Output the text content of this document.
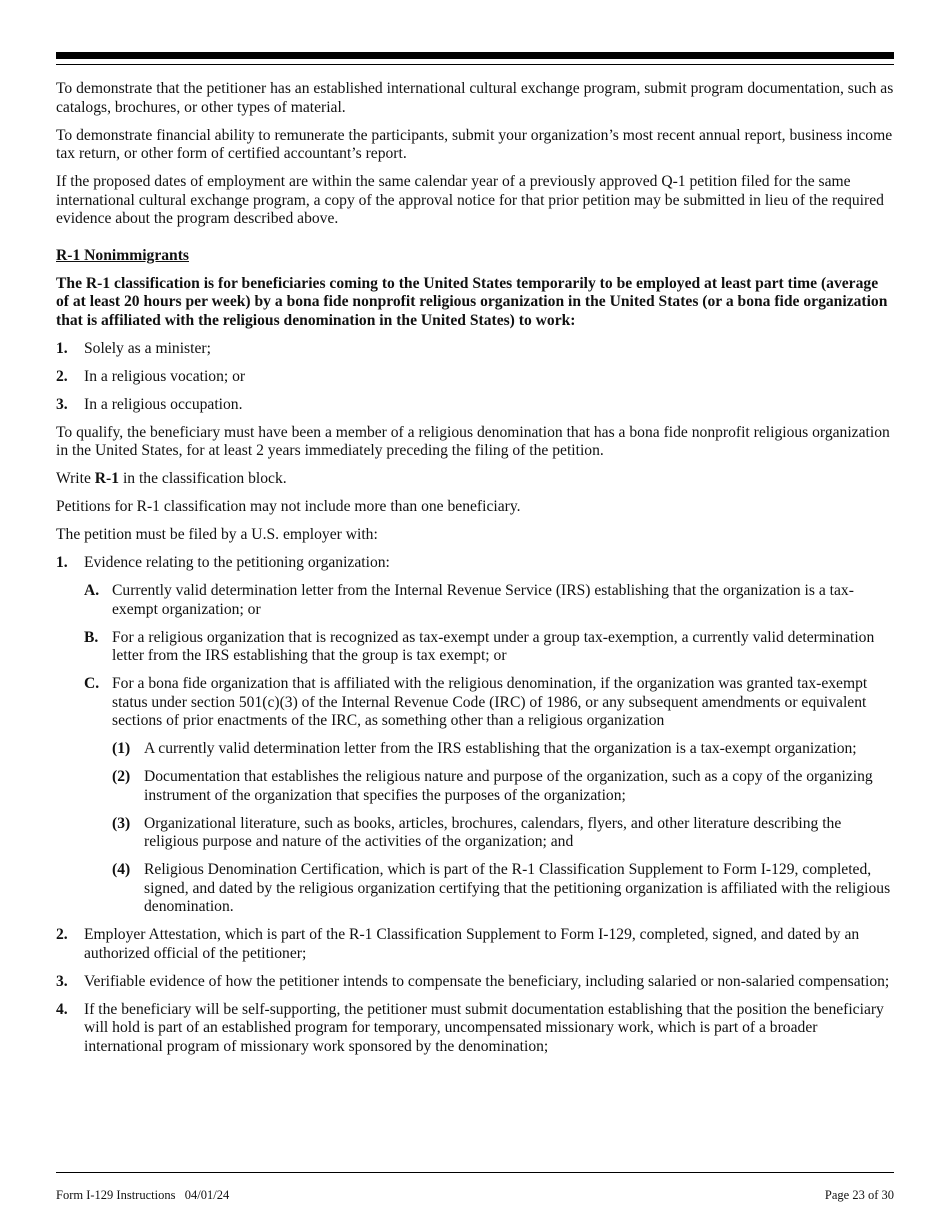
To demonstrate that the petitioner has an established international cultural exchange program, submit program documentation, such as catalogs, brochures, or other types of material.

To demonstrate financial ability to remunerate the participants, submit your organization’s most recent annual report, business income tax return, or other form of certified accountant’s report.

If the proposed dates of employment are within the same calendar year of a previously approved Q-1 petition filed for the same international cultural exchange program, a copy of the approval notice for that prior petition may be submitted in lieu of the required evidence about the program described above.

R-1 Nonimmigrants

The R-1 classification is for beneficiaries coming to the United States temporarily to be employed at least part time (average of at least 20 hours per week) by a bona fide nonprofit religious organization in the United States (or a bona fide organization that is affiliated with the religious denomination in the United States) to work:

1.	Solely as a minister;
2.	In a religious vocation; or
3.	In a religious occupation.

To qualify, the beneficiary must have been a member of a religious denomination that has a bona fide nonprofit religious organization in the United States, for at least 2 years immediately preceding the filing of the petition.

Write R-1 in the classification block.

Petitions for R-1 classification may not include more than one beneficiary.

The petition must be filed by a U.S. employer with:

1.	Evidence relating to the petitioning organization:
A. Currently valid determination letter from the Internal Revenue Service (IRS) establishing that the organization is a tax-exempt organization; or
B. For a religious organization that is recognized as tax-exempt under a group tax-exemption, a currently valid determination letter from the IRS establishing that the group is tax exempt; or
C. For a bona fide organization that is affiliated with the religious denomination, if the organization was granted tax-exempt status under section 501(c)(3) of the Internal Revenue Code (IRC) of 1986, or any subsequent amendments or equivalent sections of prior enactments of the IRC, as something other than a religious organization
(1) A currently valid determination letter from the IRS establishing that the organization is a tax-exempt organization;
(2) Documentation that establishes the religious nature and purpose of the organization, such as a copy of the organizing instrument of the organization that specifies the purposes of the organization;
(3) Organizational literature, such as books, articles, brochures, calendars, flyers, and other literature describing the religious purpose and nature of the activities of the organization; and
(4) Religious Denomination Certification, which is part of the R-1 Classification Supplement to Form I-129, completed, signed, and dated by the religious organization certifying that the petitioning organization is affiliated with the religious denomination.
2.	Employer Attestation, which is part of the R-1 Classification Supplement to Form I-129, completed, signed, and dated by an authorized official of the petitioner;
3.	Verifiable evidence of how the petitioner intends to compensate the beneficiary, including salaried or non-salaried compensation;
4.	If the beneficiary will be self-supporting, the petitioner must submit documentation establishing that the position the beneficiary will hold is part of an established program for temporary, uncompensated missionary work, which is part of a broader international program of missionary work sponsored by the denomination;
Form I-129 Instructions   04/01/24	Page 23 of 30
